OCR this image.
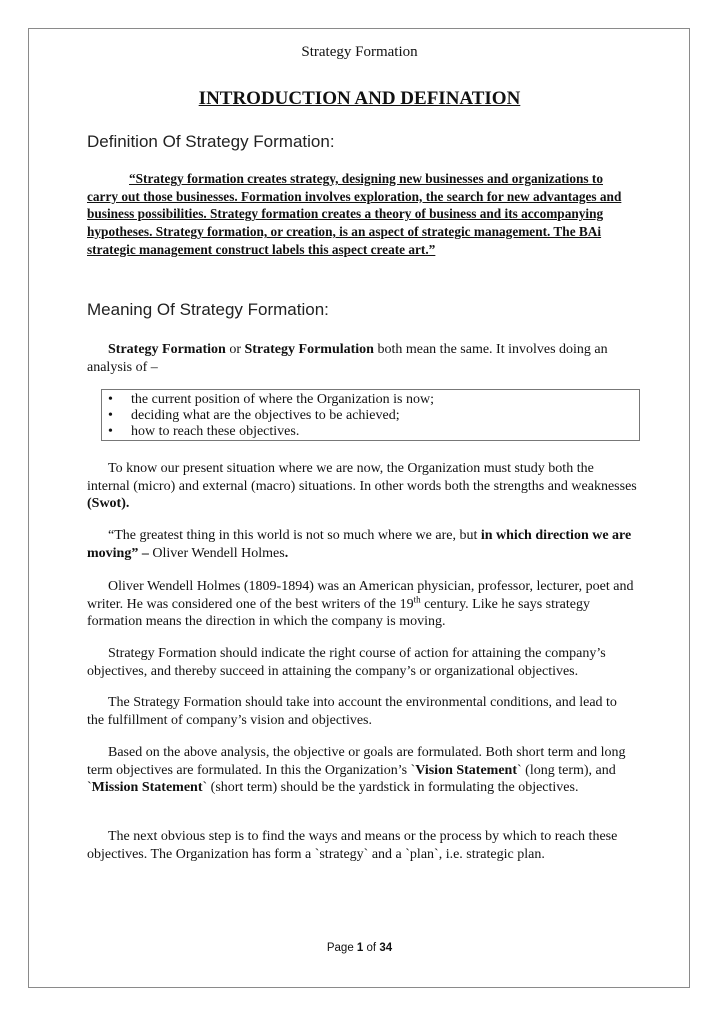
Strategy Formation
INTRODUCTION AND DEFINATION
Definition Of Strategy Formation:
“Strategy formation creates strategy, designing new businesses and organizations to carry out those businesses. Formation involves exploration, the search for new advantages and business possibilities. Strategy formation creates a theory of business and its accompanying hypotheses. Strategy formation, or creation, is an aspect of strategic management. The BAi strategic management construct labels this aspect create art.”
Meaning Of Strategy Formation:
Strategy Formation or Strategy Formulation both mean the same. It involves doing an analysis of –
• the current position of where the Organization is now;
• deciding what are the objectives to be achieved;
• how to reach these objectives.
To know our present situation where we are now, the Organization must study both the internal (micro) and external (macro) situations. In other words both the strengths and weaknesses (Swot).
“The greatest thing in this world is not so much where we are, but in which direction we are moving” – Oliver Wendell Holmes.
Oliver Wendell Holmes (1809-1894) was an American physician, professor, lecturer, poet and writer. He was considered one of the best writers of the 19th century. Like he says strategy formation means the direction in which the company is moving.
Strategy Formation should indicate the right course of action for attaining the company’s objectives, and thereby succeed in attaining the company’s or organizational objectives.
The Strategy Formation should take into account the environmental conditions, and lead to the fulfillment of company’s vision and objectives.
Based on the above analysis, the objective or goals are formulated. Both short term and long term objectives are formulated. In this the Organization’s `Vision Statement` (long term), and `Mission Statement` (short term) should be the yardstick in formulating the objectives.
The next obvious step is to find the ways and means or the process by which to reach these objectives. The Organization has form a `strategy` and a `plan`, i.e. strategic plan.
Page 1 of 34
